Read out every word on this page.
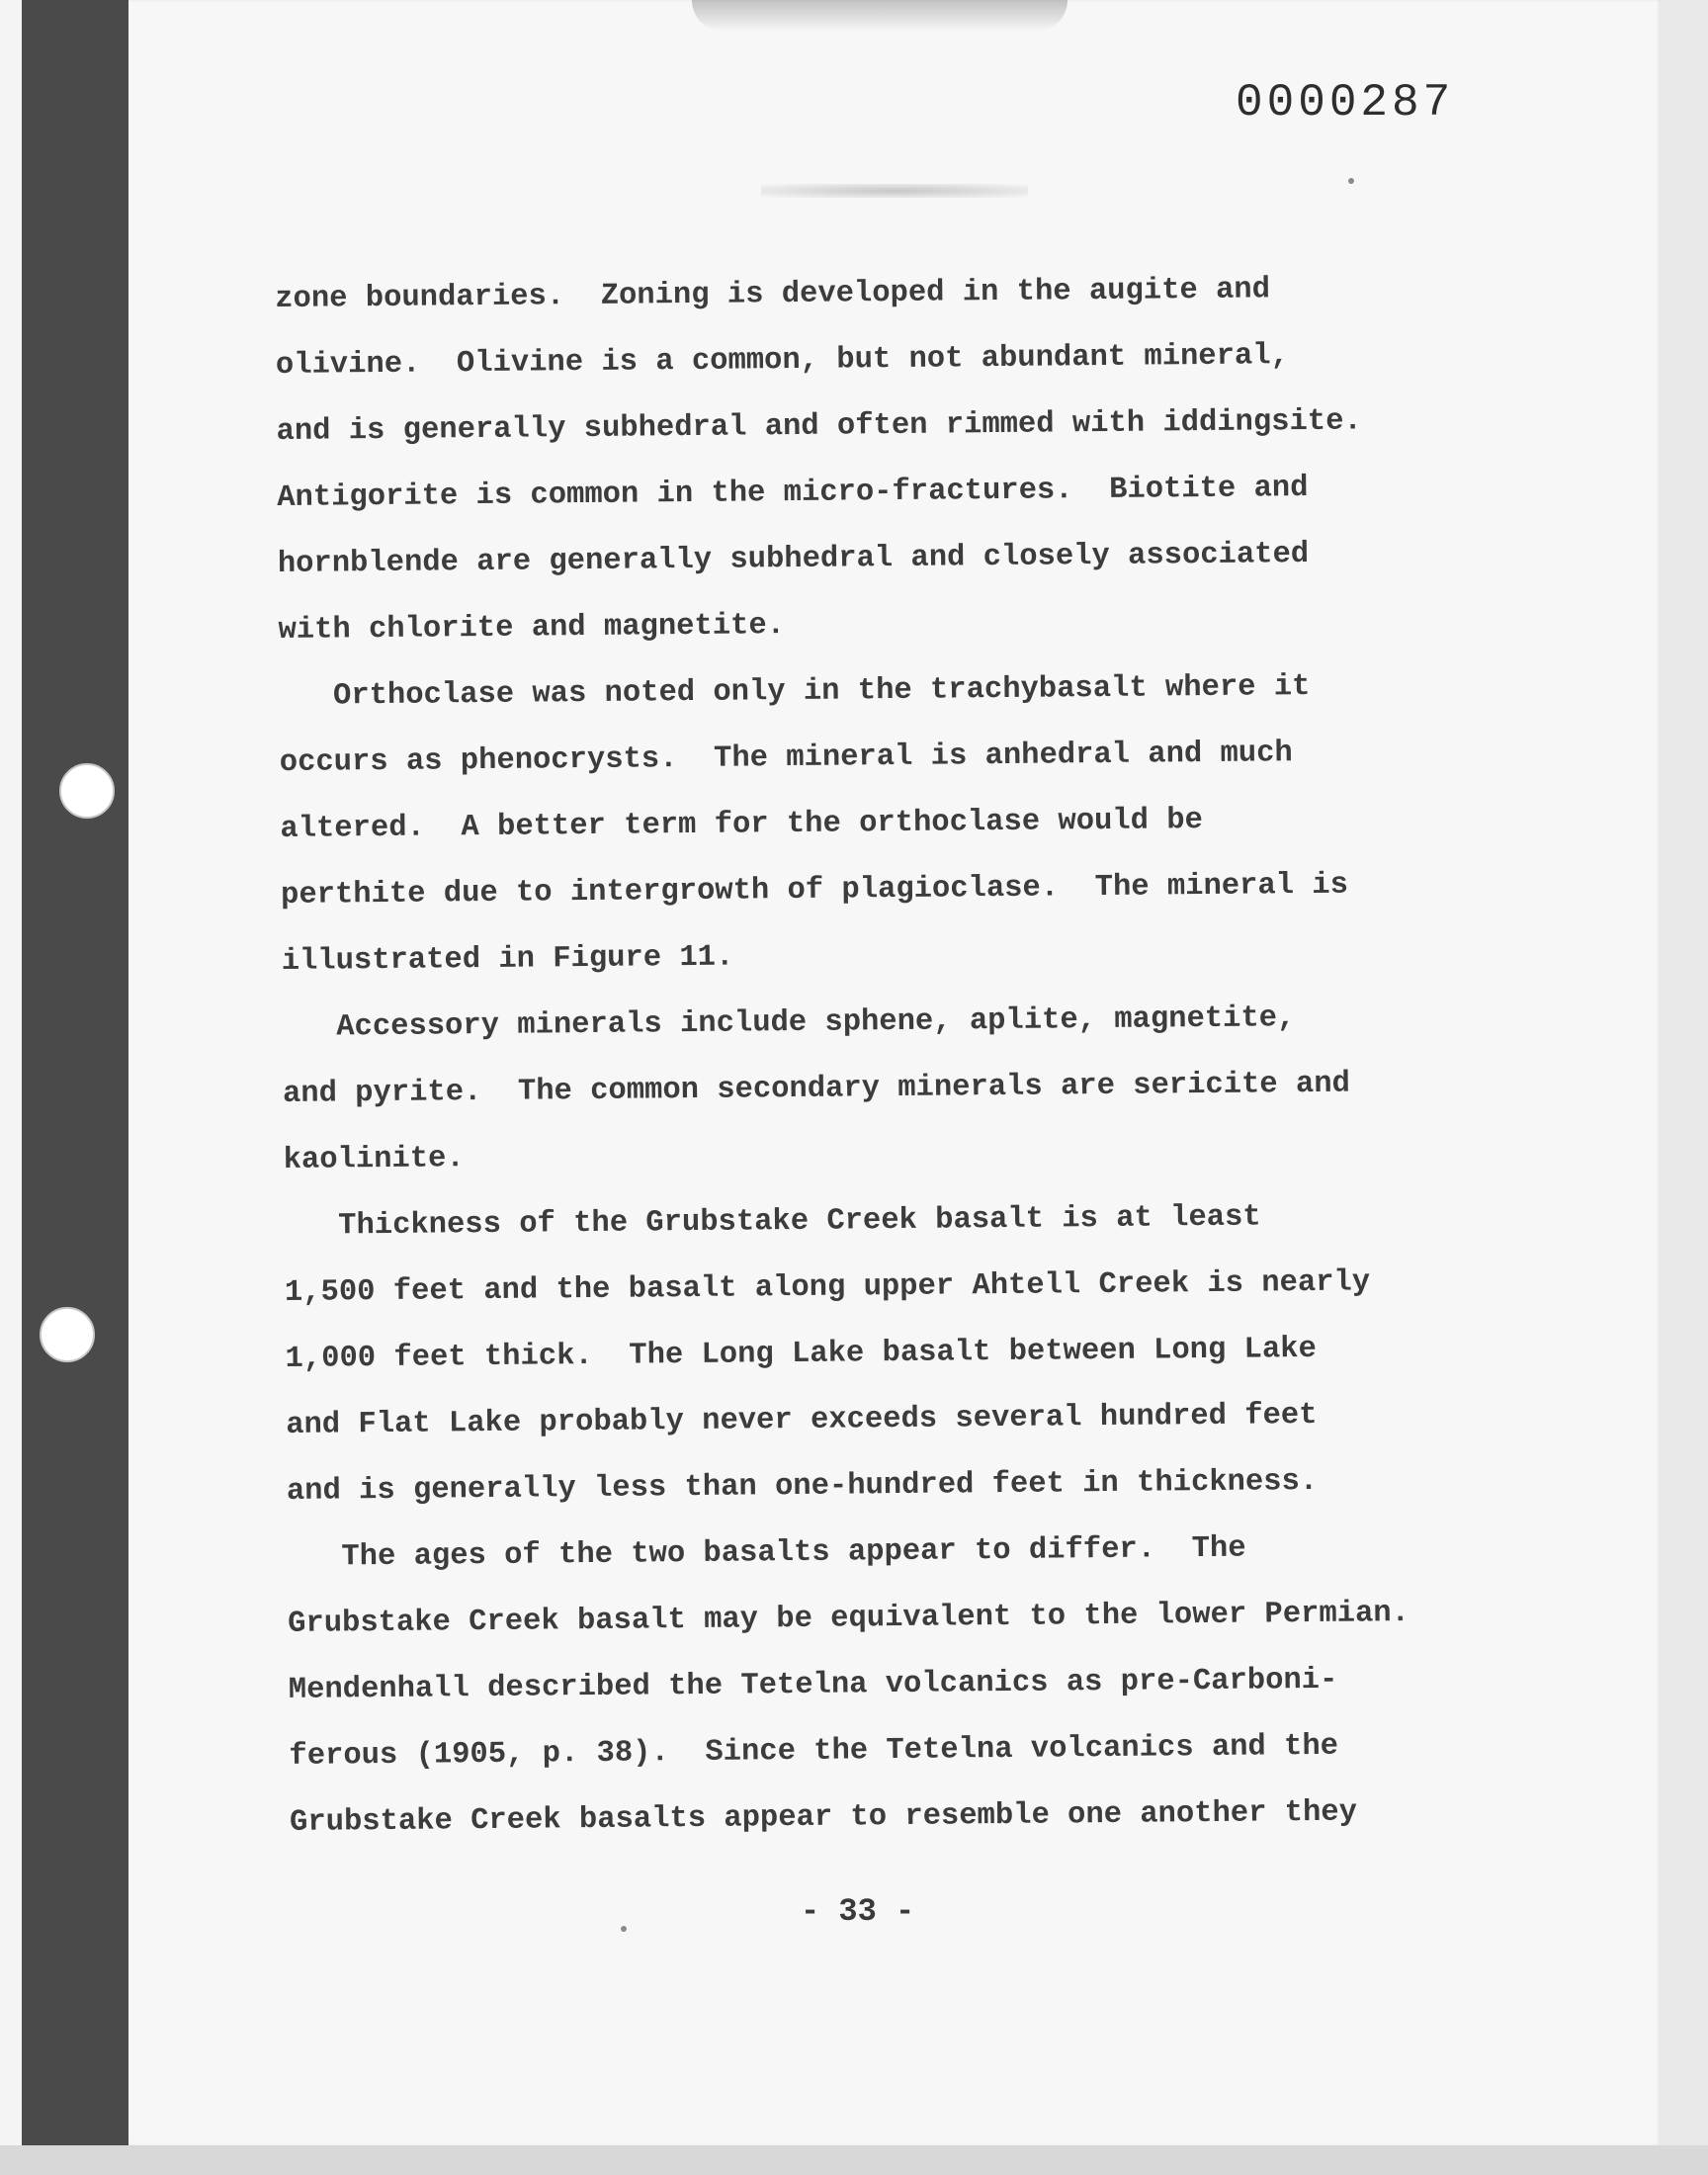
0000287

zone boundaries.  Zoning is developed in the augite and

olivine.  Olivine is a common, but not abundant mineral,

and is generally subhedral and often rimmed with iddingsite.

Antigorite is common in the micro-fractures.  Biotite and

hornblende are generally subhedral and closely associated

with chlorite and magnetite.

Orthoclase was noted only in the trachybasalt where it

occurs as phenocrysts.  The mineral is anhedral and much

altered.  A better term for the orthoclase would be

perthite due to intergrowth of plagioclase.  The mineral is

illustrated in Figure 11.

Accessory minerals include sphene, aplite, magnetite,

and pyrite.  The common secondary minerals are sericite and

kaolinite.

Thickness of the Grubstake Creek basalt is at least

1,500 feet and the basalt along upper Ahtell Creek is nearly

1,000 feet thick.  The Long Lake basalt between Long Lake

and Flat Lake probably never exceeds several hundred feet

and is generally less than one-hundred feet in thickness.

The ages of the two basalts appear to differ.  The

Grubstake Creek basalt may be equivalent to the lower Permian.

Mendenhall described the Tetelna volcanics as pre-Carboni-

ferous (1905, p. 38).  Since the Tetelna volcanics and the

Grubstake Creek basalts appear to resemble one another they

- 33 -
